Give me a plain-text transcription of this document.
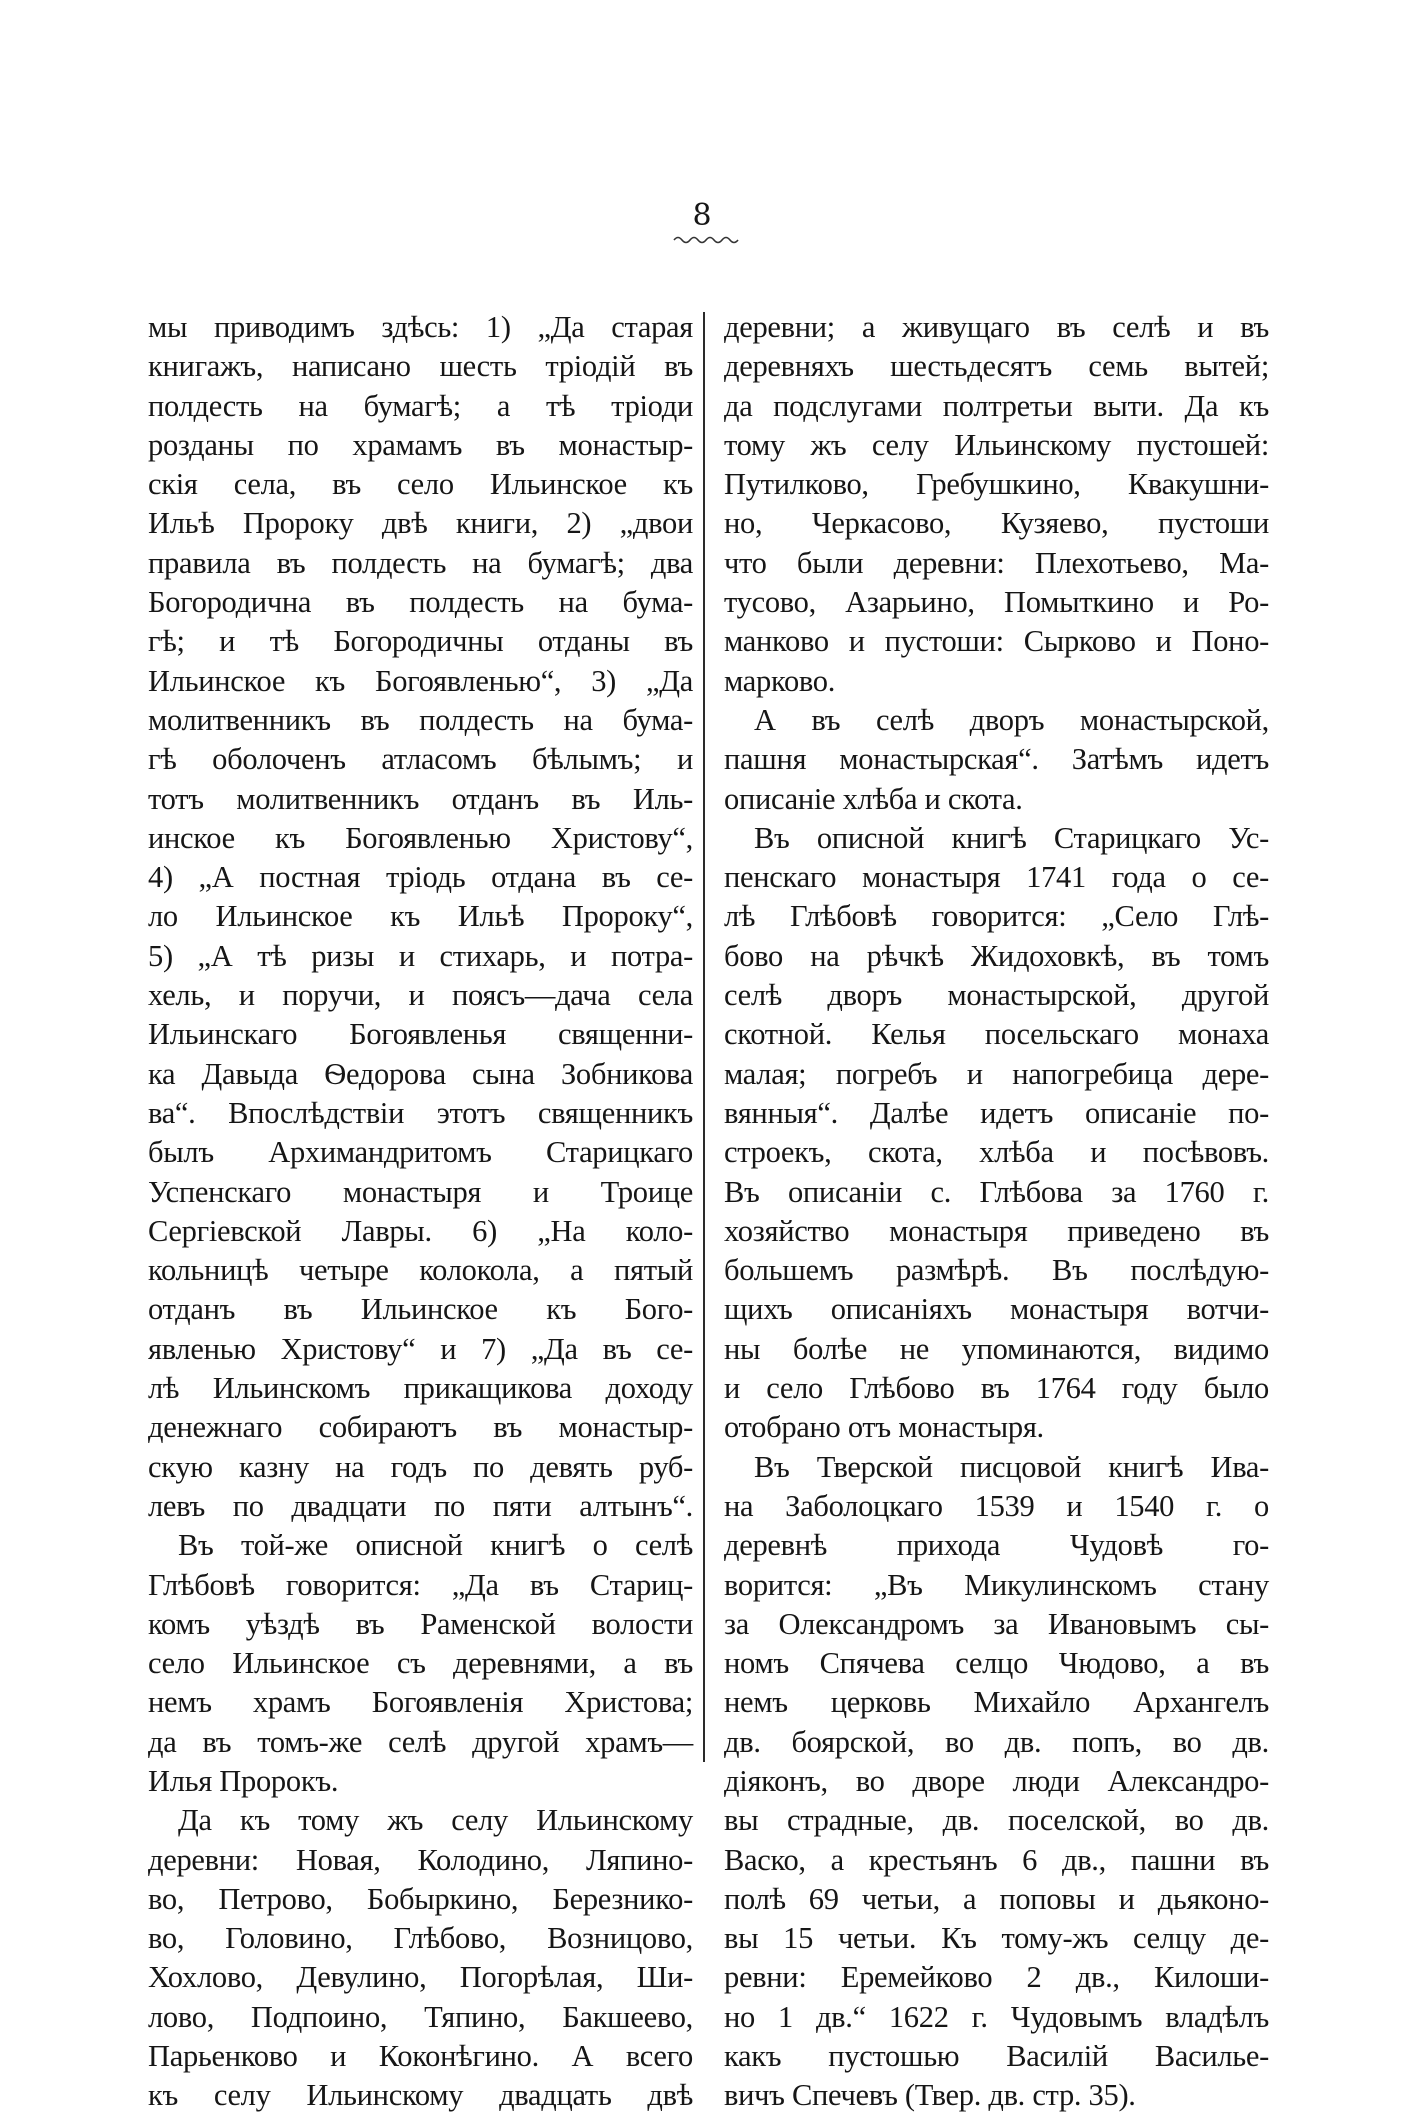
8
мы приводимъ здѣсь: 1) „Да старая
книгажъ, написано шесть тріодій въ
полдесть на бумагѣ; а тѣ тріоди
розданы по храмамъ въ монастыр-
скія села, въ село Ильинское къ
Ильѣ Пророку двѣ книги, 2) „двои
правила въ полдесть на бумагѣ; два
Богородична въ полдесть на бума-
гѣ; и тѣ Богородичны отданы въ
Ильинское къ Богоявленью“, 3) „Да
молитвенникъ въ полдесть на бума-
гѣ оболоченъ атласомъ бѣлымъ; и
тотъ молитвенникъ отданъ въ Иль-
инское къ Богоявленью Христову“,
4) „А постная тріодь отдана въ се-
ло Ильинское къ Ильѣ Пророку“,
5) „А тѣ ризы и стихарь, и потра-
хель, и поручи, и поясъ—дача села
Ильинскаго Богоявленья священни-
ка Давыда Ѳедорова сына Зобникова
ва“. Впослѣдствіи этотъ священникъ
былъ Архимандритомъ Старицкаго
Успенскаго монастыря и Троице
Сергіевской Лавры. 6) „На коло-
кольницѣ четыре колокола, а пятый
отданъ въ Ильинское къ Бого-
явленью Христову“ и 7) „Да въ се-
лѣ Ильинскомъ прикащикова доходу
денежнаго собираютъ въ монастыр-
скую казну на годъ по девять руб-
левъ по двадцати по пяти алтынъ“.
Въ той-же описной книгѣ о селѣ
Глѣбовѣ говорится: „Да въ Стариц-
комъ уѣздѣ въ Раменской волости
село Ильинское съ деревнями, а въ
немъ храмъ Богоявленія Христова;
да въ томъ-же селѣ другой храмъ—
Илья Пророкъ.
Да къ тому жъ селу Ильинскому
деревни: Новая, Колодино, Ляпино-
во, Петрово, Бобыркино, Березнико-
во, Головино, Глѣбово, Возницово,
Хохлово, Девулино, Погорѣлая, Ши-
лово, Подпоино, Тяпино, Бакшеево,
Парьенково и Коконѣгино. А всего
къ селу Ильинскому двадцать двѣ
деревни; а живущаго въ селѣ и въ
деревняхъ шестьдесятъ семь вытей;
да подслугами полтретьи выти. Да къ
тому жъ селу Ильинскому пустошей:
Путилково, Гребушкино, Квакушни-
но, Черкасово, Кузяево, пустоши
что были деревни: Плехотьево, Ма-
тусово, Азарьино, Помыткино и Ро-
манково и пустоши: Сырково и Поно-
марково.
А въ селѣ дворъ монастырской,
пашня монастырская“. Затѣмъ идетъ
описаніе хлѣба и скота.
Въ описной книгѣ Старицкаго Ус-
пенскаго монастыря 1741 года о се-
лѣ Глѣбовѣ говорится: „Село Глѣ-
бово на рѣчкѣ Жидоховкѣ, въ томъ
селѣ дворъ монастырской, другой
скотной. Келья посельскаго монаха
малая; погребъ и напогребица дере-
вянныя“. Далѣе идетъ описаніе по-
строекъ, скота, хлѣба и посѣвовъ.
Въ описаніи с. Глѣбова за 1760 г.
хозяйство монастыря приведено въ
большемъ размѣрѣ. Въ послѣдую-
щихъ описаніяхъ монастыря вотчи-
ны болѣе не упоминаются, видимо
и село Глѣбово въ 1764 году было
отобрано отъ монастыря.
Въ Тверской писцовой книгѣ Ива-
на Заболоцкаго 1539 и 1540 г. о
деревнѣ прихода Чудовѣ го-
ворится: „Въ Микулинскомъ стану
за Олександромъ за Ивановымъ сы-
номъ Спячева селцо Чюдово, а въ
немъ церковь Михайло Архангелъ
дв. боярской, во дв. попъ, во дв.
діяконъ, во дворе люди Александро-
вы страдные, дв. поселской, во дв.
Васко, а крестьянъ 6 дв., пашни въ
полѣ 69 четьи, а поповы и дьяконо-
вы 15 четьи. Къ тому-жъ селцу де-
ревни: Еремейково 2 дв., Килоши-
но 1 дв.“ 1622 г. Чудовымъ владѣлъ
какъ пустошью Василій Василье-
вичъ Спечевъ (Твер. дв. стр. 35).
